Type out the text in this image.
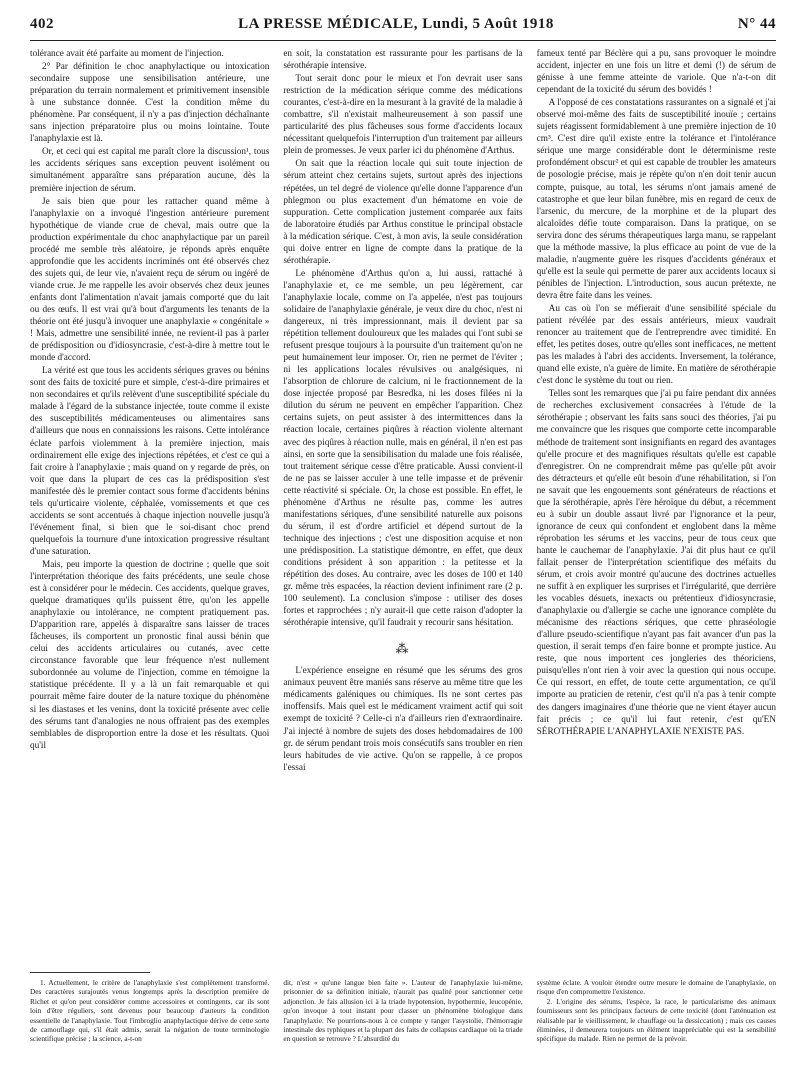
402	LA PRESSE MÉDICALE, Lundi, 5 Août 1918	N° 44

tolérance avait été parfaite au moment de l'injection.

2° Par définition le choc anaphylactique ou intoxication secondaire suppose une sensibilisation antérieure, une préparation du terrain normalement et primitivement insensible à une substance donnée. C'est la condition même du phénomène. Par conséquent, il n'y a pas d'injection déchaînante sans injection préparatoire plus ou moins lointaine. Toute l'anaphylaxie est là.

Or, et ceci qui est capital me paraît clore la discussion¹, tous les accidents sériques sans exception peuvent isolément ou simultanément apparaître sans préparation aucune, dès la première injection de sérum.

Je sais bien que pour les rattacher quand même à l'anaphylaxie on a invoqué l'ingestion antérieure purement hypothétique de viande crue de cheval, mais outre que la production expérimentale du choc anaphylactique par un pareil procédé me semble très aléatoire, je réponds après enquête approfondie que les accidents incriminés ont été observés chez des sujets qui, de leur vie, n'avaient reçu de sérum ou ingéré de viande crue. Je me rappelle les avoir observés chez deux jeunes enfants dont l'alimentation n'avait jamais comporté que du lait ou des œufs. Il est vrai qu'à bout d'arguments les tenants de la théorie ont été jusqu'à invoquer une anaphylaxie « congénitale » ! Mais, admettre une sensibilité innée, ne revient-il pas à parler de prédisposition ou d'idiosyncrasie, c'est-à-dire à mettre tout le monde d'accord.

La vérité est que tous les accidents sériques graves ou bénins sont des faits de toxicité pure et simple, c'est-à-dire primaires et non secondaires et qu'ils relèvent d'une susceptibilité spéciale du malade à l'égard de la substance injectée, toute comme il existe des susceptibilités médicamenteuses ou alimentaires sans d'ailleurs que nous en connaissions les raisons. Cette intolérance éclate parfois violemment à la première injection, mais ordinairement elle exige des injections répétées, et c'est ce qui a fait croire à l'anaphylaxie ; mais quand on y regarde de près, on voit que dans la plupart de ces cas la prédisposition s'est manifestée dès le premier contact sous forme d'accidents bénins tels qu'urticaire violente, céphalée, vomissements et que ces accidents se sont accentués à chaque injection nouvelle jusqu'à l'événement final, si bien que le soi-disant choc prend quelquefois la tournure d'une intoxication progressive résultant d'une saturation.

Mais, peu importe la question de doctrine ; quelle que soit l'interprétation théorique des faits précédents, une seule chose est à considérer pour le médecin. Ces accidents, quelque graves, quelque dramatiques qu'ils puissent être, qu'on les appelle anaphylaxie ou intolérance, ne comptent pratiquement pas. D'apparition rare, appelés à disparaître sans laisser de traces fâcheuses, ils comportent un pronostic final aussi bénin que celui des accidents articulaires ou cutanés, avec cette circonstance favorable que leur fréquence n'est nullement subordonnée au volume de l'injection, comme en témoigne la statistique précédente. Il y a là un fait remarquable et qui pourrait même faire douter de la nature toxique du phénomène si les diastases et les venins, dont la toxicité présente avec celle des sérums tant d'analogies ne nous offraient pas des exemples semblables de disproportion entre la dose et les résultats. Quoi qu'il

en soit, la constatation est rassurante pour les partisans de la sérothérapie intensive.

Tout serait donc pour le mieux et l'on devrait user sans restriction de la médication sérique comme des médications courantes, c'est-à-dire en la mesurant à la gravité de la maladie à combattre, s'il n'existait malheureusement à son passif une particularité des plus fâcheuses sous forme d'accidents locaux nécessitant quelquefois l'interruption d'un traitement par ailleurs plein de promesses. Je veux parler ici du phénomène d'Arthus.

On sait que la réaction locale qui suit toute injection de sérum atteint chez certains sujets, surtout après des injections répétées, un tel degré de violence qu'elle donne l'apparence d'un phlegmon ou plus exactement d'un hématome en voie de suppuration. Cette complication justement comparée aux faits de laboratoire étudiés par Arthus constitue le principal obstacle à la médication sérique. C'est, à mon avis, la seule considération qui doive entrer en ligne de compte dans la pratique de la sérothérapie.

Le phénomène d'Arthus qu'on a, lui aussi, rattaché à l'anaphylaxie et, ce me semble, un peu légèrement, car l'anaphylaxie locale, comme on l'a appelée, n'est pas toujours solidaire de l'anaphylaxie générale, je veux dire du choc, n'est ni dangereux, ni très impressionnant, mais il devient par sa répétition tellement douloureux que les malades qui l'ont subi se refusent presque toujours à la poursuite d'un traitement qu'on ne peut humainement leur imposer. Or, rien ne permet de l'éviter ; ni les applications locales révulsives ou analgésiques, ni l'absorption de chlorure de calcium, ni le fractionnement de la dose injectée proposé par Besredka, ni les doses filées ni la dilution du sérum ne peuvent en empêcher l'apparition. Chez certains sujets, on peut assister à des intermittences dans la réaction locale, certaines piqûres à réaction violente alternant avec des piqûres à réaction nulle, mais en général, il n'en est pas ainsi, en sorte que la sensibilisation du malade une fois réalisée, tout traitement sérique cesse d'être praticable. Aussi convient-il de ne pas se laisser acculer à une telle impasse et de prévenir cette réactivité si spéciale. Or, la chose est possible. En effet, le phénomène d'Arthus ne résulte pas, comme les autres manifestations sériques, d'une sensibilité naturelle aux poisons du sérum, il est d'ordre artificiel et dépend surtout de la technique des injections ; c'est une disposition acquise et non une prédisposition. La statistique démontre, en effet, que deux conditions président à son apparition : la petitesse et la répétition des doses. Au contraire, avec les doses de 100 et 140 gr. même très espacées, la réaction devient infiniment rare (2 p. 100 seulement). La conclusion s'impose : utiliser des doses fortes et rapprochées ; n'y aurait-il que cette raison d'adopter la sérothérapie intensive, qu'il faudrait y recourir sans hésitation.

⁂

L'expérience enseigne en résumé que les sérums des gros animaux peuvent être maniés sans réserve au même titre que les médicaments galéniques ou chimiques. Ils ne sont certes pas inoffensifs. Mais quel est le médicament vraiment actif qui soit exempt de toxicité ? Celle-ci n'a d'ailleurs rien d'extraordinaire. J'ai injecté à nombre de sujets des doses hebdomadaires de 100 gr. de sérum pendant trois mois consécutifs sans troubler en rien leurs habitudes de vie active. Qu'on se rappelle, à ce propos l'essai

fameux tenté par Béclère qui a pu, sans provoquer le moindre accident, injecter en une fois un litre et demi (!) de sérum de génisse à une femme atteinte de variole. Que n'a-t-on dit cependant de la toxicité du sérum des bovidés !

A l'opposé de ces constatations rassurantes on a signalé et j'ai observé moi-même des faits de susceptibilité inouïe ; certains sujets réagissent formidablement à une première injection de 10 cm³. C'est dire qu'il existe entre la tolérance et l'intolérance sérique une marge considérable dont le déterminisme reste profondément obscur² et qui est capable de troubler les amateurs de posologie précise, mais je répète qu'on n'en doit tenir aucun compte, puisque, au total, les sérums n'ont jamais amené de catastrophe et que leur bilan funèbre, mis en regard de ceux de l'arsenic, du mercure, de la morphine et de la plupart des alcaloïdes défie toute comparaison. Dans la pratique, on se servira donc des sérums thérapeutiques larga manu, se rappelant que la méthode massive, la plus efficace au point de vue de la maladie, n'augmente guère les risques d'accidents généraux et qu'elle est la seule qui permette de parer aux accidents locaux si pénibles de l'injection. L'introduction, sous aucun prétexte, ne devra être faite dans les veines.

Au cas où l'on se méfierait d'une sensibilité spéciale du patient révélée par des essais antérieurs, mieux vaudrait renoncer au traitement que de l'entreprendre avec timidité. En effet, les petites doses, outre qu'elles sont inefficaces, ne mettent pas les malades à l'abri des accidents. Inversement, la tolérance, quand elle existe, n'a guère de limite. En matière de sérothérapie c'est donc le système du tout ou rien.

Telles sont les remarques que j'ai pu faire pendant dix années de recherches exclusivement consacrées à l'étude de la sérothérapie ; observant les faits sans souci des théories, j'ai pu me convaincre que les risques que comporte cette incomparable méthode de traitement sont insignifiants en regard des avantages qu'elle procure et des magnifiques résultats qu'elle est capable d'enregistrer. On ne comprendrait même pas qu'elle pût avoir des détracteurs et qu'elle eût besoin d'une réhabilitation, si l'on ne savait que les engouements sont générateurs de réactions et que la sérothérapie, après l'ère héroïque du début, a récemment eu à subir un double assaut livré par l'ignorance et la peur, ignorance de ceux qui confondent et englobent dans la même réprobation les sérums et les vaccins, peur de tous ceux que hante le cauchemar de l'anaphylaxie. J'ai dit plus haut ce qu'il fallait penser de l'interprétation scientifique des méfaits du sérum, et crois avoir montré qu'aucune des doctrines actuelles ne suffit à en expliquer les surprises et l'irrégularité, que derrière les vocables désuets, inexacts ou prétentieux d'idiosyncrasie, d'anaphylaxie ou d'allergie se cache une ignorance complète du mécanisme des réactions sériques, que cette phraséologie d'allure pseudo-scientifique n'ayant pas fait avancer d'un pas la question, il serait temps d'en faire bonne et prompte justice. Au reste, que nous importent ces jongleries des théoriciens, puisqu'elles n'ont rien à voir avec la question qui nous occupe. Ce qui ressort, en effet, de toute cette argumentation, ce qu'il importe au praticien de retenir, c'est qu'il n'a pas à tenir compte des dangers imaginaires d'une théorie que ne vient étayer aucun fait précis ; ce qu'il lui faut retenir, c'est qu'EN SÉROTHÉRAPIE L'ANAPHYLAXIE N'EXISTE PAS.

1. Actuellement, le critère de l'anaphylaxie s'est complètement transformé. Des caractères surajoutés venus longtemps après la description première de Richet et qu'on peut considérer comme accessoires et contingents, car ils sont loin d'être réguliers, sont devenus pour beaucoup d'auteurs la condition essentielle de l'anaphylaxie. Tout l'imbroglio anaphylactique dérive de cette sorte de camouflage qui, s'il était admis, serait la négation de toute terminologie scientifique précise ; la science, a-t-on

dit, n'est « qu'une langue bien faite ». L'auteur de l'anaphylaxie lui-même, prisonnier de sa définition initiale, n'aurait pas qualité pour sanctionner cette adjonction. Je fais allusion ici à la triade hypotension, hypothermie, leucopénie, qu'on invoque à tout instant pour classer un phénomène biologique dans l'anaphylaxie. Ne pourrions-nous à ce compte y ranger l'asystolie, l'hémorragie intestinale des typhiques et la plupart des faits de collapsus cardiaque où la triade en question se retrouve ? L'absurdité du

système éclate. A vouloir étendre outre mesure le domaine de l'anaphylaxie, on risque d'en compromettre l'existence.

2. L'origine des sérums, l'espèce, la race, le particularisme des animaux fournisseurs sont les principaux facteurs de cette toxicité (dont l'atténuation est réalisable par le vieillissement, le chauffage ou la dessiccation) ; mais ces causes éliminées, il demeurera toujours un élément inappréciable qui est la sensibilité spécifique du malade. Rien ne permet de la prévoir.
